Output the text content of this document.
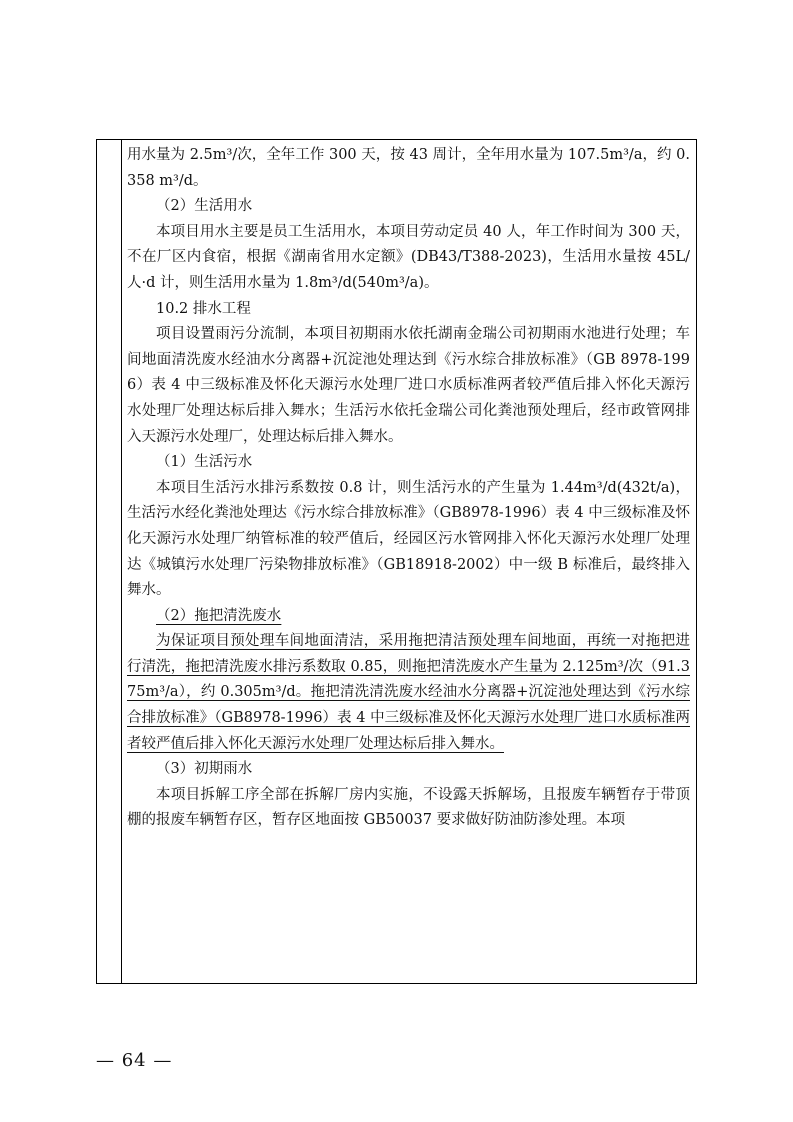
用水量为 2.5m³/次，全年工作 300 天，按 43 周计，全年用水量为 107.5m³/a，约 0.358 m³/d。

（2）生活用水

本项目用水主要是员工生活用水，本项目劳动定员 40 人，年工作时间为 300 天，不在厂区内食宿，根据《湖南省用水定额》(DB43/T388-2023)，生活用水量按 45L/人·d 计，则生活用水量为 1.8m³/d(540m³/a)。

10.2 排水工程

项目设置雨污分流制，本项目初期雨水依托湖南金瑞公司初期雨水池进行处理；车间地面清洗废水经油水分离器+沉淀池处理达到《污水综合排放标准》（GB 8978-1996）表 4 中三级标准及怀化天源污水处理厂进口水质标准两者较严值后排入怀化天源污水处理厂处理达标后排入舞水；生活污水依托金瑞公司化粪池预处理后，经市政管网排入天源污水处理厂，处理达标后排入舞水。

（1）生活污水

本项目生活污水排污系数按 0.8 计，则生活污水的产生量为 1.44m³/d(432t/a)，生活污水经化粪池处理达《污水综合排放标准》（GB8978-1996）表 4 中三级标准及怀化天源污水处理厂纳管标准的较严值后，经园区污水管网排入怀化天源污水处理厂处理达《城镇污水处理厂污染物排放标准》（GB18918-2002）中一级 B 标准后，最终排入舞水。

（2）拖把清洗废水

为保证项目预处理车间地面清洁，采用拖把清洁预处理车间地面，再统一对拖把进行清洗，拖把清洗废水排污系数取 0.85，则拖把清洗废水产生量为 2.125m³/次（91.375m³/a），约 0.305m³/d。拖把清洗清洗废水经油水分离器+沉淀池处理达到《污水综合排放标准》（GB8978-1996）表 4 中三级标准及怀化天源污水处理厂进口水质标准两者较严值后排入怀化天源污水处理厂处理达标后排入舞水。

（3）初期雨水

本项目拆解工序全部在拆解厂房内实施，不设露天拆解场，且报废车辆暂存于带顶棚的报废车辆暂存区，暂存区地面按 GB50037 要求做好防油防渗处理。本项

— 64 —
